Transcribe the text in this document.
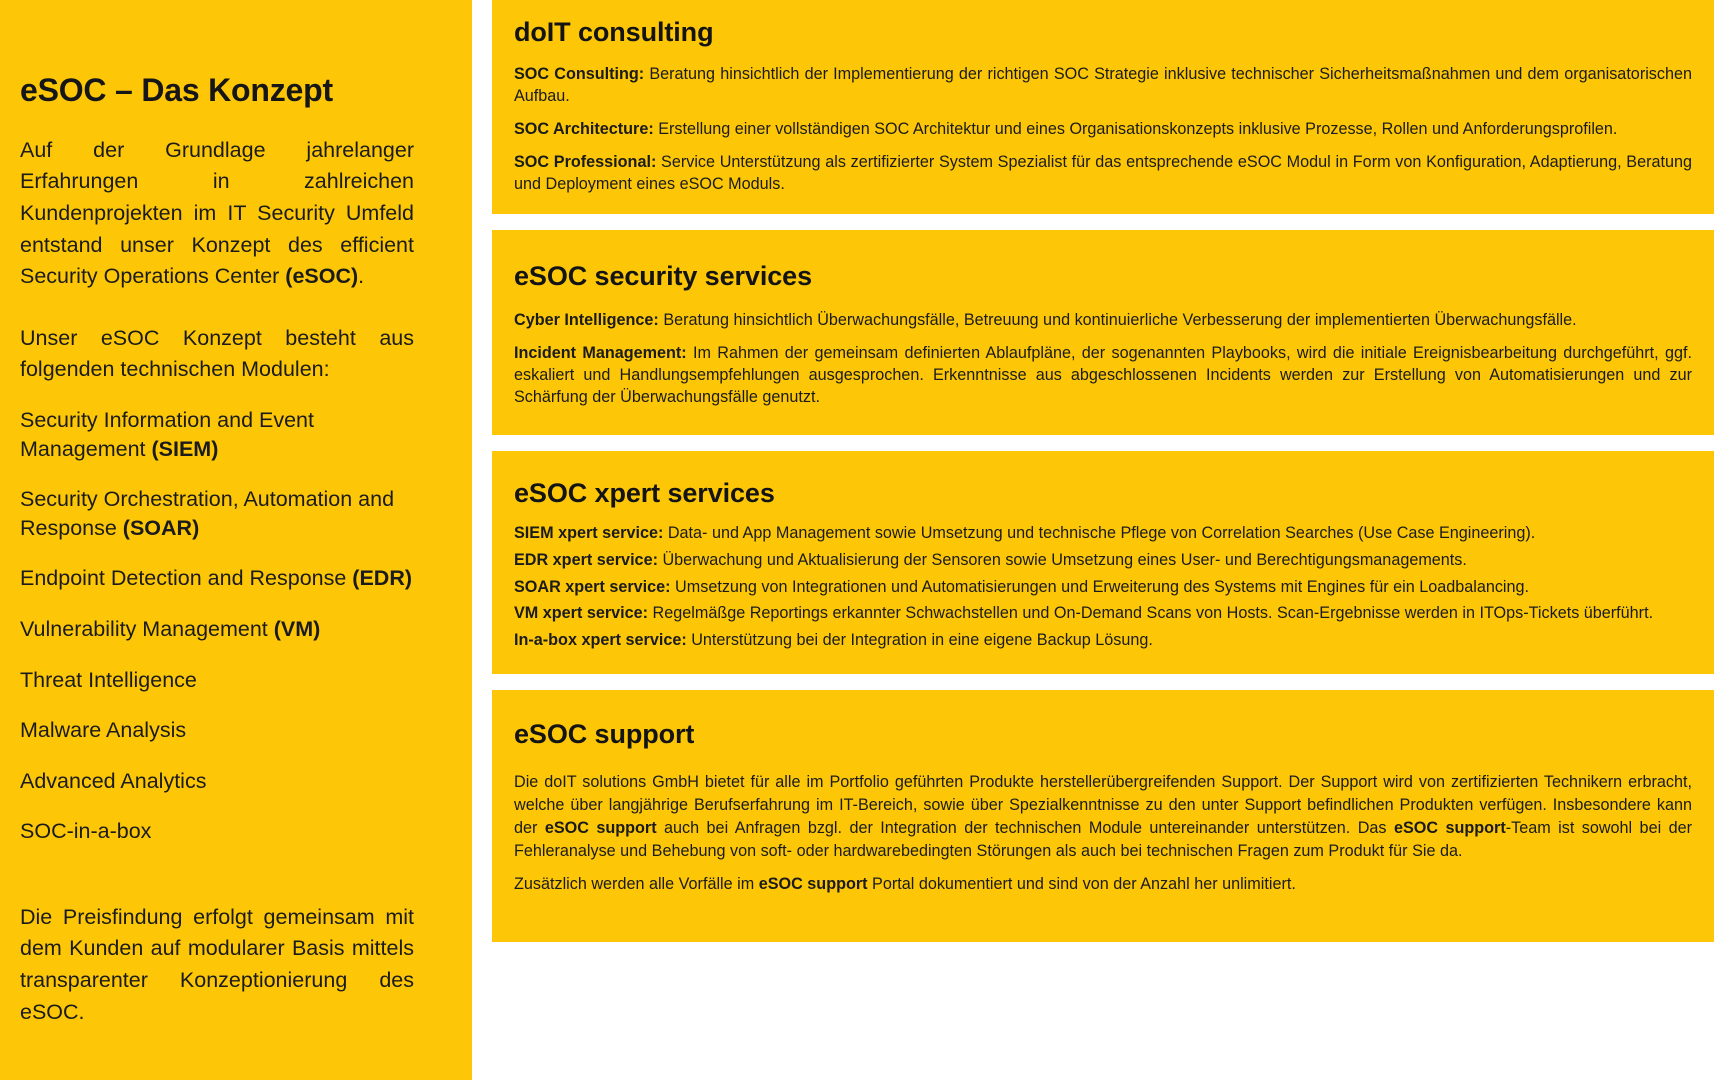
eSOC – Das Konzept

Auf der Grundlage jahrelanger Erfahrungen in zahlreichen Kundenprojekten im IT Security Umfeld entstand unser Konzept des efficient Security Operations Center (eSOC).

Unser eSOC Konzept besteht aus folgenden technischen Modulen:

Security Information and Event Management (SIEM)
Security Orchestration, Automation and Response (SOAR)
Endpoint Detection and Response (EDR)
Vulnerability Management (VM)
Threat Intelligence
Malware Analysis
Advanced Analytics
SOC-in-a-box

Die Preisfindung erfolgt gemeinsam mit dem Kunden auf modularer Basis mittels transparenter Konzeptionierung des eSOC.

doIT consulting

SOC Consulting: Beratung hinsichtlich der Implementierung der richtigen SOC Strategie inklusive technischer Sicherheitsmaßnahmen und dem organisatorischen Aufbau.

SOC Architecture: Erstellung einer vollständigen SOC Architektur und eines Organisationskonzepts inklusive Prozesse, Rollen und Anforderungsprofilen.

SOC Professional: Service Unterstützung als zertifizierter System Spezialist für das entsprechende eSOC Modul in Form von Konfiguration, Adaptierung, Beratung und Deployment eines eSOC Moduls.

eSOC security services

Cyber Intelligence: Beratung hinsichtlich Überwachungsfälle, Betreuung und kontinuierliche Verbesserung der implementierten Überwachungsfälle.

Incident Management: Im Rahmen der gemeinsam definierten Ablaufpläne, der sogenannten Playbooks, wird die initiale Ereignisbearbeitung durchgeführt, ggf. eskaliert und Handlungsempfehlungen ausgesprochen. Erkenntnisse aus abgeschlossenen Incidents werden zur Erstellung von Automatisierungen und zur Schärfung der Überwachungsfälle genutzt.

eSOC xpert services

SIEM xpert service: Data- und App Management sowie Umsetzung und technische Pflege von Correlation Searches (Use Case Engineering).

EDR xpert service: Überwachung und Aktualisierung der Sensoren sowie Umsetzung eines User- und Berechtigungsmanagements.

SOAR xpert service: Umsetzung von Integrationen und Automatisierungen und Erweiterung des Systems mit Engines für ein Loadbalancing.

VM xpert service: Regelmäßge Reportings erkannter Schwachstellen und On-Demand Scans von Hosts. Scan-Ergebnisse werden in ITOps-Tickets überführt.

In-a-box xpert service: Unterstützung bei der Integration in eine eigene Backup Lösung.

eSOC support

Die doIT solutions GmbH bietet für alle im Portfolio geführten Produkte herstellerübergreifenden Support. Der Support wird von zertifizierten Technikern erbracht, welche über langjährige Berufserfahrung im IT-Bereich, sowie über Spezialkenntnisse zu den unter Support befindlichen Produkten verfügen. Insbesondere kann der eSOC support auch bei Anfragen bzgl. der Integration der technischen Module untereinander unterstützen. Das eSOC support-Team ist sowohl bei der Fehleranalyse und Behebung von soft- oder hardwarebedingten Störungen als auch bei technischen Fragen zum Produkt für Sie da.

Zusätzlich werden alle Vorfälle im eSOC support Portal dokumentiert und sind von der Anzahl her unlimitiert.
